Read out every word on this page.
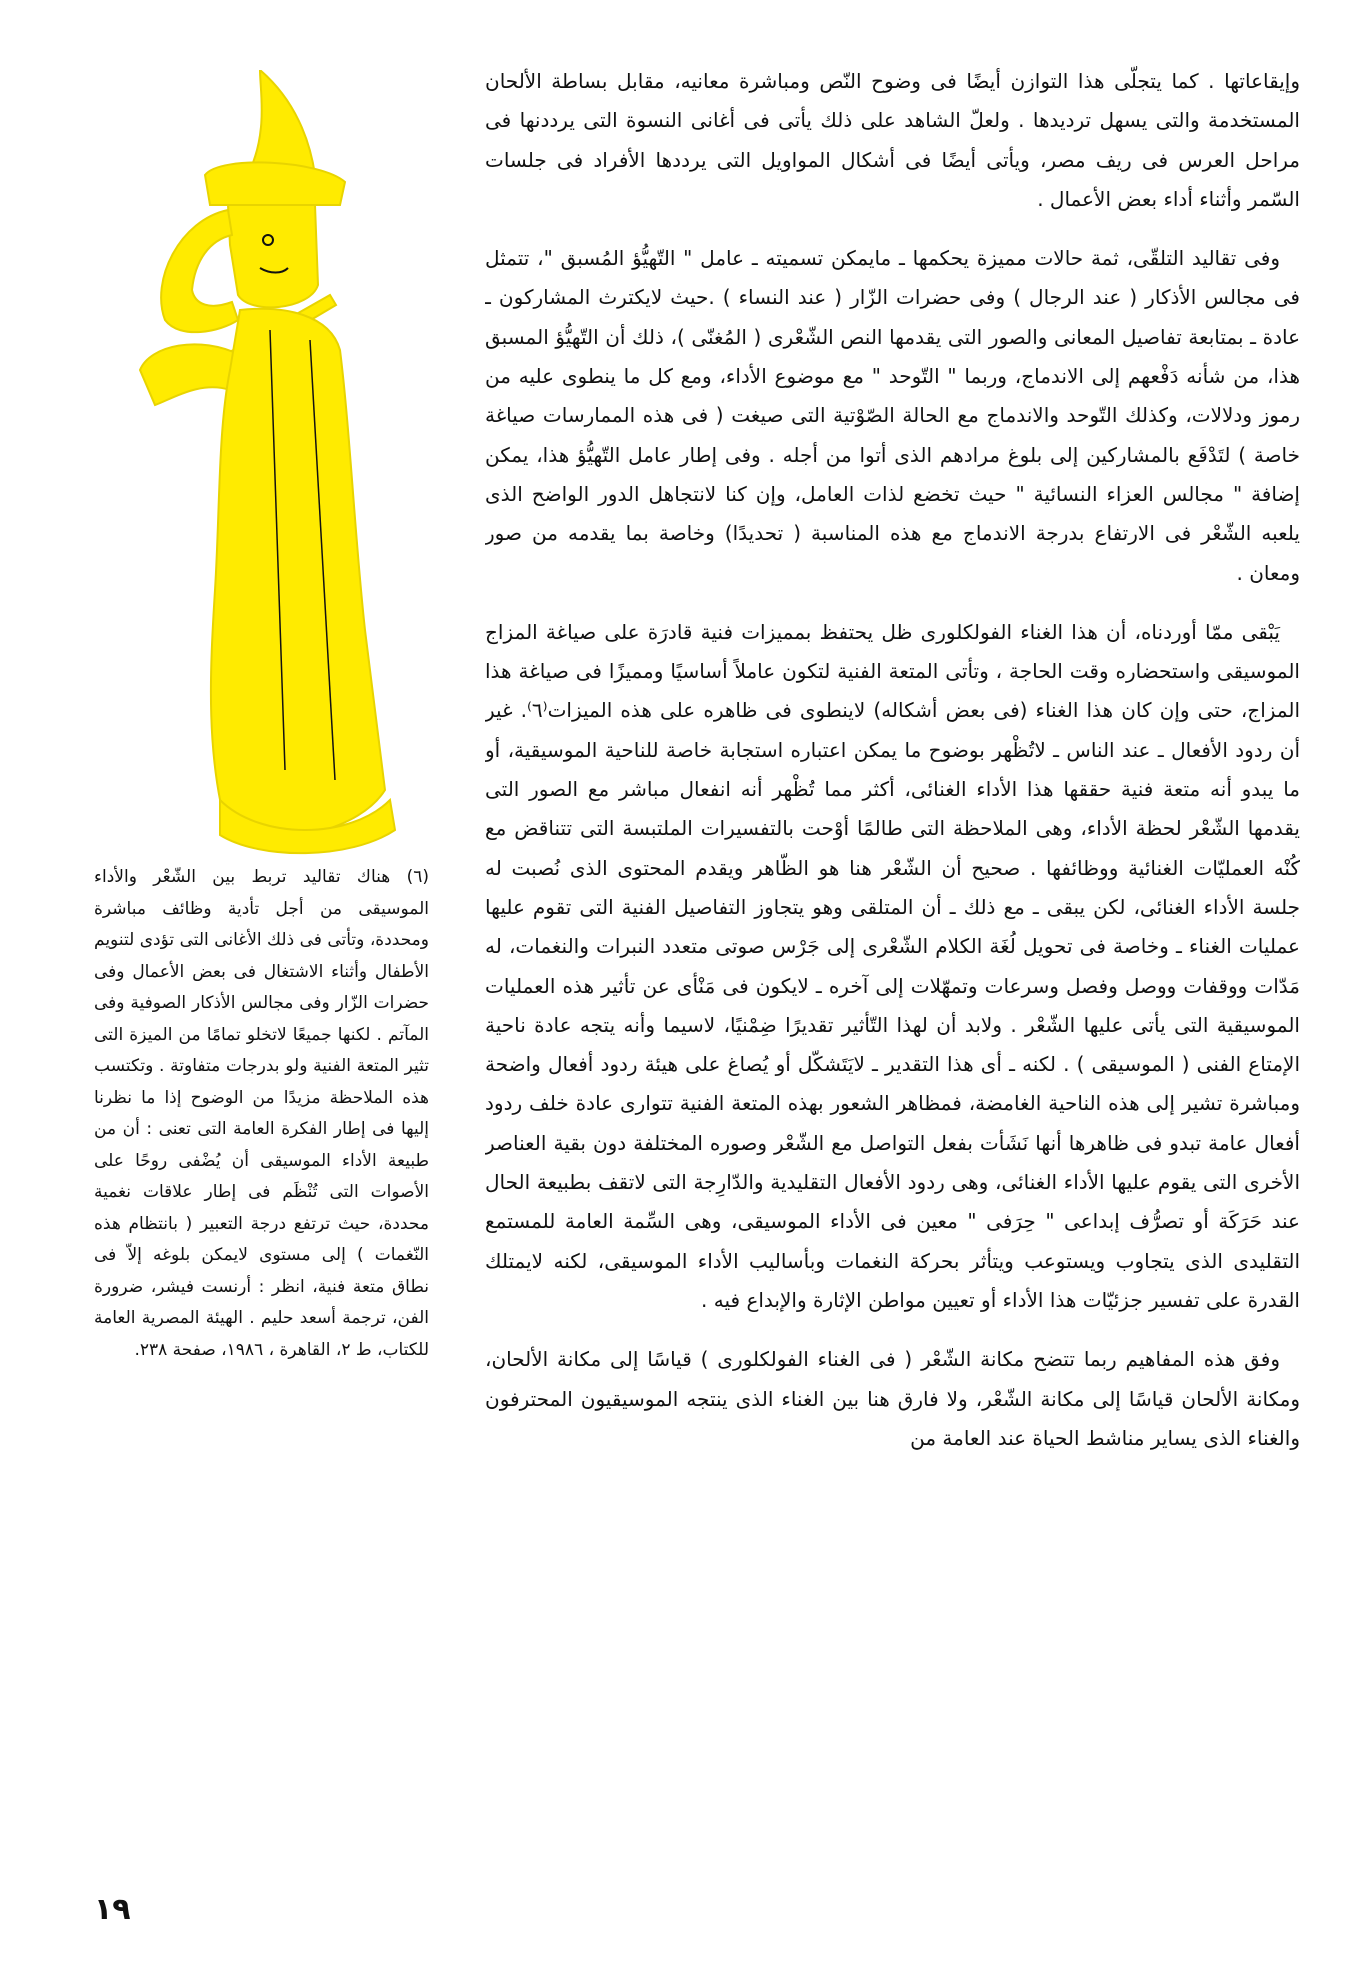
وإيقاعاتها . كما يتجلّى هذا التوازن أيضًا فى وضوح النّص ومباشرة معانيه، مقابل بساطة الألحان المستخدمة والتى يسهل ترديدها . ولعلّ الشاهد على ذلك يأتى فى أغانى النسوة التى يرددنها فى مراحل العرس فى ريف مصر، ويأتى أيضًا فى أشكال المواويل التى يرددها الأفراد فى جلسات السّمر وأثناء أداء بعض الأعمال .

وفى تقاليد التلقّى، ثمة حالات مميزة يحكمها ـ مايمكن تسميته ـ عامل " التّهيُّؤ المُسبق "، تتمثل فى مجالس الأذكار ( عند الرجال ) وفى حضرات الزّار ( عند النساء ) .حيث لايكترث المشاركون ـ عادة ـ بمتابعة تفاصيل المعانى والصور التى يقدمها النص الشّعْرى ( المُغنّى )، ذلك أن التّهيُّؤ المسبق هذا، من شأنه دَفْعهم إلى الاندماج، وربما " التّوحد " مع موضوع الأداء، ومع كل ما ينطوى عليه من رموز ودلالات، وكذلك التّوحد والاندماج مع الحالة الصّوْتية التى صيغت ( فى هذه الممارسات صياغة خاصة ) لتَدْفَع بالمشاركين إلى بلوغ مرادهم الذى أتوا من أجله . وفى إطار عامل التّهيُّؤ هذا، يمكن إضافة " مجالس العزاء النسائية " حيث تخضع لذات العامل، وإن كنا لانتجاهل الدور الواضح الذى يلعبه الشّعْر فى الارتفاع بدرجة الاندماج مع هذه المناسبة ( تحديدًا) وخاصة بما يقدمه من صور ومعان .

يَبْقى ممّا أوردناه، أن هذا الغناء الفولكلورى ظل يحتفظ بمميزات فنية قادرَة على صياغة المزاج الموسيقى واستحضاره وقت الحاجة ، وتأتى المتعة الفنية لتكون عاملاً أساسيًا ومميزًا فى صياغة هذا المزاج، حتى وإن كان هذا الغناء (فى بعض أشكاله) لاينطوى فى ظاهره على هذه الميزات⁽٦⁾. غير أن ردود الأفعال ـ عند الناس ـ لاتُظْهر بوضوح ما يمكن اعتباره استجابة خاصة للناحية الموسيقية، أو ما يبدو أنه متعة فنية حققها هذا الأداء الغنائى، أكثر مما تُظْهر أنه انفعال مباشر مع الصور التى يقدمها الشّعْر لحظة الأداء، وهى الملاحظة التى طالمًا أوْحت بالتفسيرات الملتبسة التى تتناقض مع كُنْه العمليّات الغنائية ووظائفها . صحيح أن الشّعْر هنا هو الظّاهر ويقدم المحتوى الذى نُصبت له جلسة الأداء الغنائى، لكن يبقى ـ مع ذلك ـ أن المتلقى وهو يتجاوز التفاصيل الفنية التى تقوم عليها عمليات الغناء ـ وخاصة فى تحويل لُغَة الكلام الشّعْرى إلى جَرْس صوتى متعدد النبرات والنغمات، له مَدّات ووقفات ووصل وفصل وسرعات وتمهّلات إلى آخره ـ لايكون فى مَنْأى عن تأثير هذه العمليات الموسيقية التى يأتى عليها الشّعْر . ولابد أن لهذا التّأثير تقديرًا ضِمْنيًا، لاسيما وأنه يتجه عادة ناحية الإمتاع الفنى ( الموسيقى ) . لكنه ـ أى هذا التقدير ـ لايَتَشكّل أو يُصاغ على هيئة ردود أفعال واضحة ومباشرة تشير إلى هذه الناحية الغامضة، فمظاهر الشعور بهذه المتعة الفنية تتوارى عادة خلف ردود أفعال عامة تبدو فى ظاهرها أنها نَشَأت بفعل التواصل مع الشّعْر وصوره المختلفة دون بقية العناصر الأخرى التى يقوم عليها الأداء الغنائى، وهى ردود الأفعال التقليدية والدّارِجة التى لاتقف بطبيعة الحال عند حَرَكَة أو تصرُّف إبداعى " حِرَفى " معين فى الأداء الموسيقى، وهى السِّمة العامة للمستمع التقليدى الذى يتجاوب ويستوعب ويتأثر بحركة النغمات وبأساليب الأداء الموسيقى، لكنه لايمتلك القدرة على تفسير جزئيّات هذا الأداء أو تعيين مواطن الإثارة والإبداع فيه .

وفق هذه المفاهيم ربما تتضح مكانة الشّعْر ( فى الغناء الفولكلورى ) قياسًا إلى مكانة الألحان، ومكانة الألحان قياسًا إلى مكانة الشّعْر، ولا فارق هنا بين الغناء الذى ينتجه الموسيقيون المحترفون والغناء الذى يساير مناشط الحياة عند العامة من

(٦) هناك تقاليد تربط بين الشّعْر والأداء الموسيقى من أجل تأدية وظائف مباشرة ومحددة، وتأتى فى ذلك الأغانى التى تؤدى لتنويم الأطفال وأثناء الاشتغال فى بعض الأعمال وفى حضرات الزّار وفى مجالس الأذكار الصوفية وفى المآتم . لكنها جميعًا لاتخلو تمامًا من الميزة التى تثير المتعة الفنية ولو بدرجات متفاوتة . وتكتسب هذه الملاحظة مزيدًا من الوضوح إذا ما نظرنا إليها فى إطار الفكرة العامة التى تعنى : أن من طبيعة الأداء الموسيقى أن يُضْفى روحًا على الأصوات التى تُنْظَم فى إطار علاقات نغمية محددة، حيث ترتفع درجة التعبير ( بانتظام هذه النّغمات ) إلى مستوى لايمكن بلوغه إلاّ فى نطاق متعة فنية، انظر : أرنست فيشر، ضرورة الفن، ترجمة أسعد حليم . الهيئة المصرية العامة للكتاب، ط ٢، القاهرة ، ١٩٨٦، صفحة ٢٣٨.

١٩
